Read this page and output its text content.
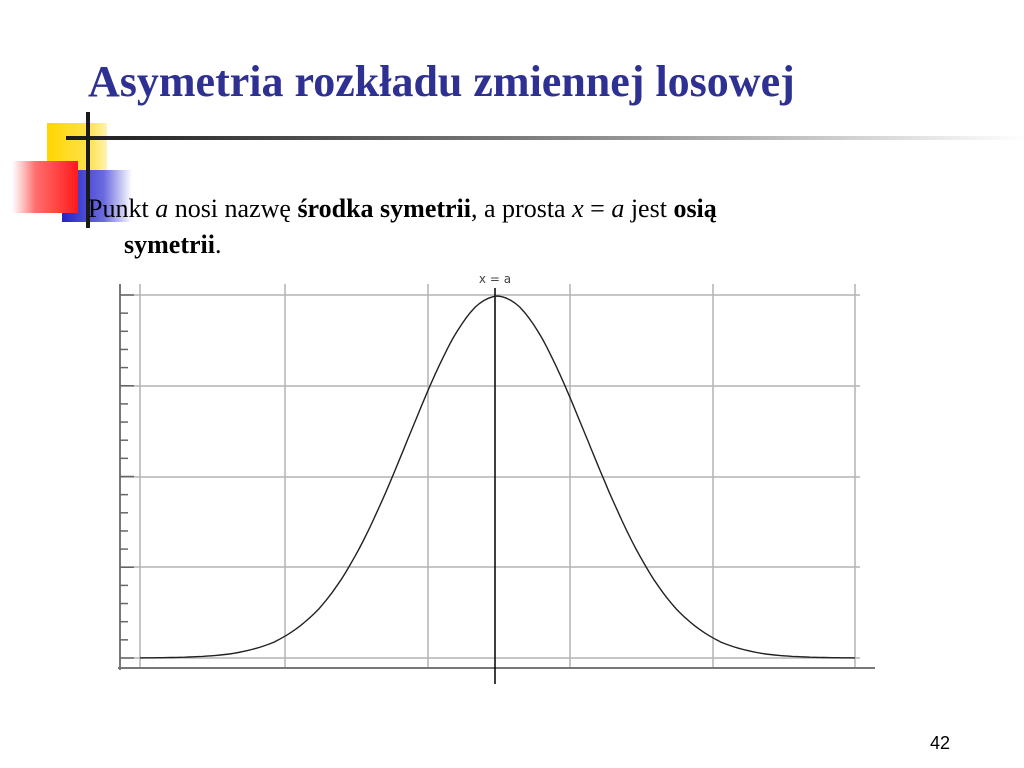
Asymetria rozkładu zmiennej losowej

Punkt a nosi nazwę środka symetrii, a prosta x = a jest osią
symetrii.

x = a
42
